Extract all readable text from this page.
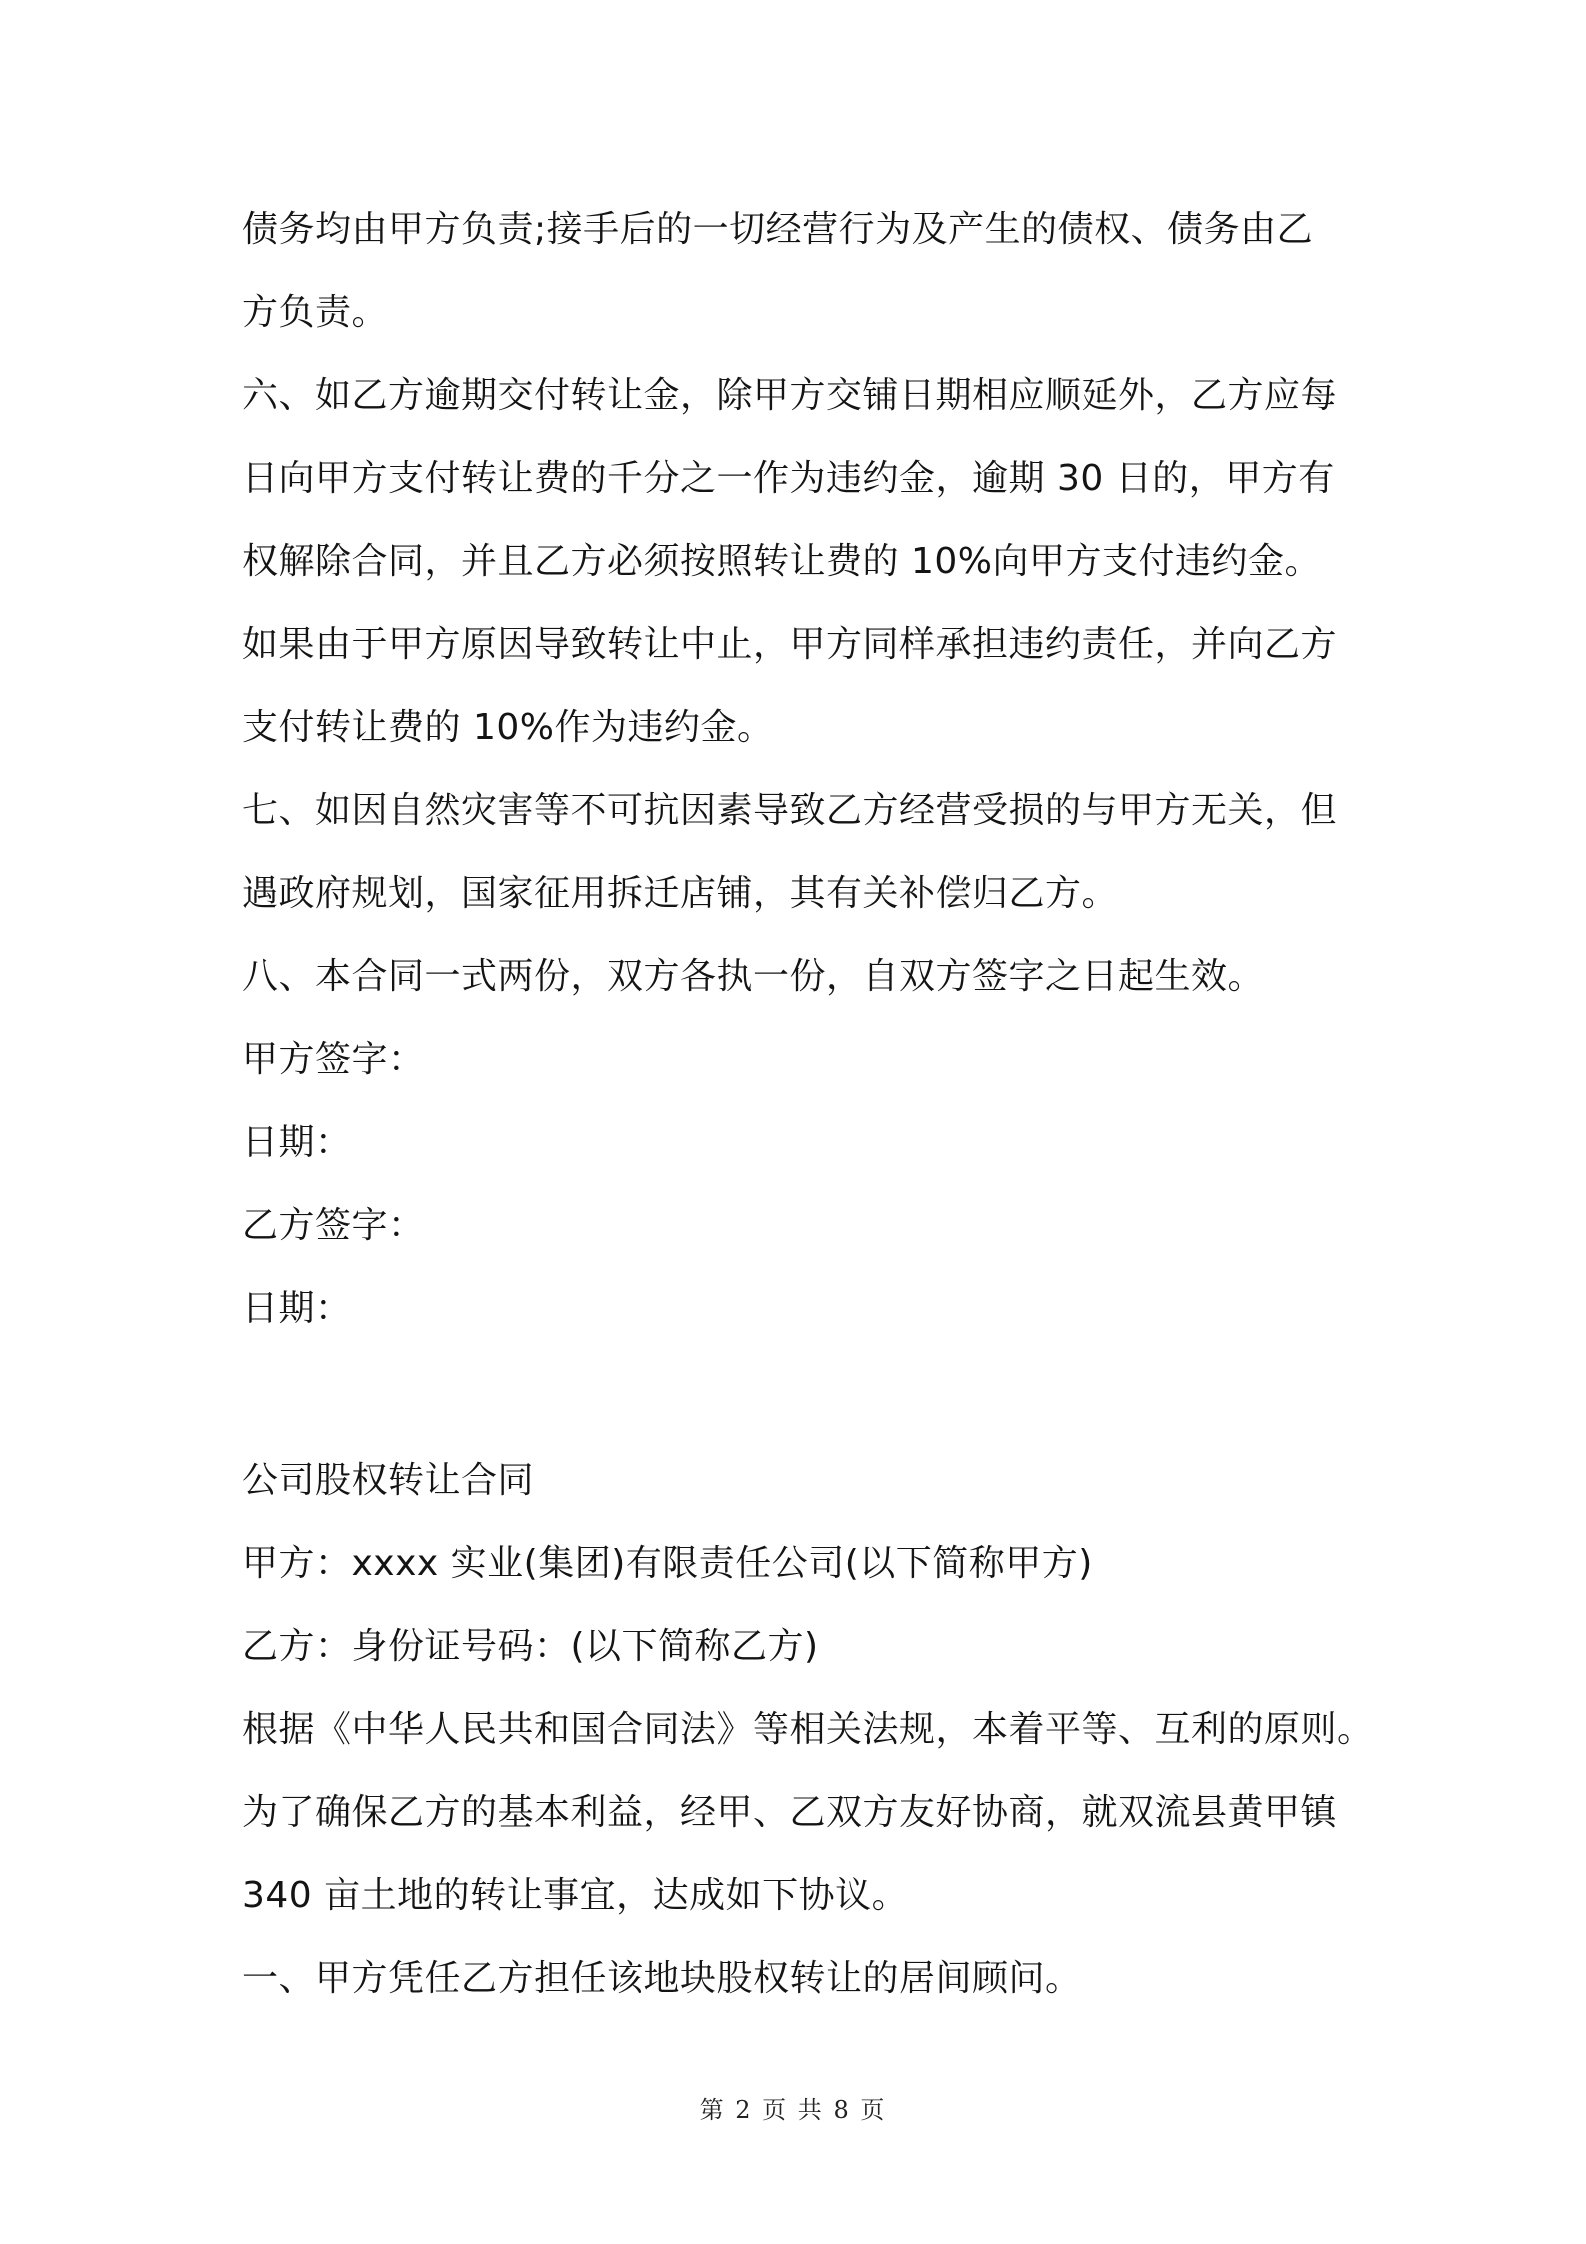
债务均由甲方负责;接手后的一切经营行为及产生的债权、债务由乙
方负责。
六、如乙方逾期交付转让金，除甲方交铺日期相应顺延外，乙方应每
日向甲方支付转让费的千分之一作为违约金，逾期 30 日的，甲方有
权解除合同，并且乙方必须按照转让费的 10%向甲方支付违约金。
如果由于甲方原因导致转让中止，甲方同样承担违约责任，并向乙方
支付转让费的 10%作为违约金。
七、如因自然灾害等不可抗因素导致乙方经营受损的与甲方无关，但
遇政府规划，国家征用拆迁店铺，其有关补偿归乙方。
八、本合同一式两份，双方各执一份，自双方签字之日起生效。
甲方签字：
日期：
乙方签字：
日期：
公司股权转让合同
甲方：xxxx 实业(集团)有限责任公司(以下简称甲方)
乙方：身份证号码：(以下简称乙方)
根据《中华人民共和国合同法》等相关法规，本着平等、互利的原则。
为了确保乙方的基本利益，经甲、乙双方友好协商，就双流县黄甲镇
340 亩土地的转让事宜，达成如下协议。
一、甲方凭任乙方担任该地块股权转让的居间顾问。
第 2 页 共 8 页
